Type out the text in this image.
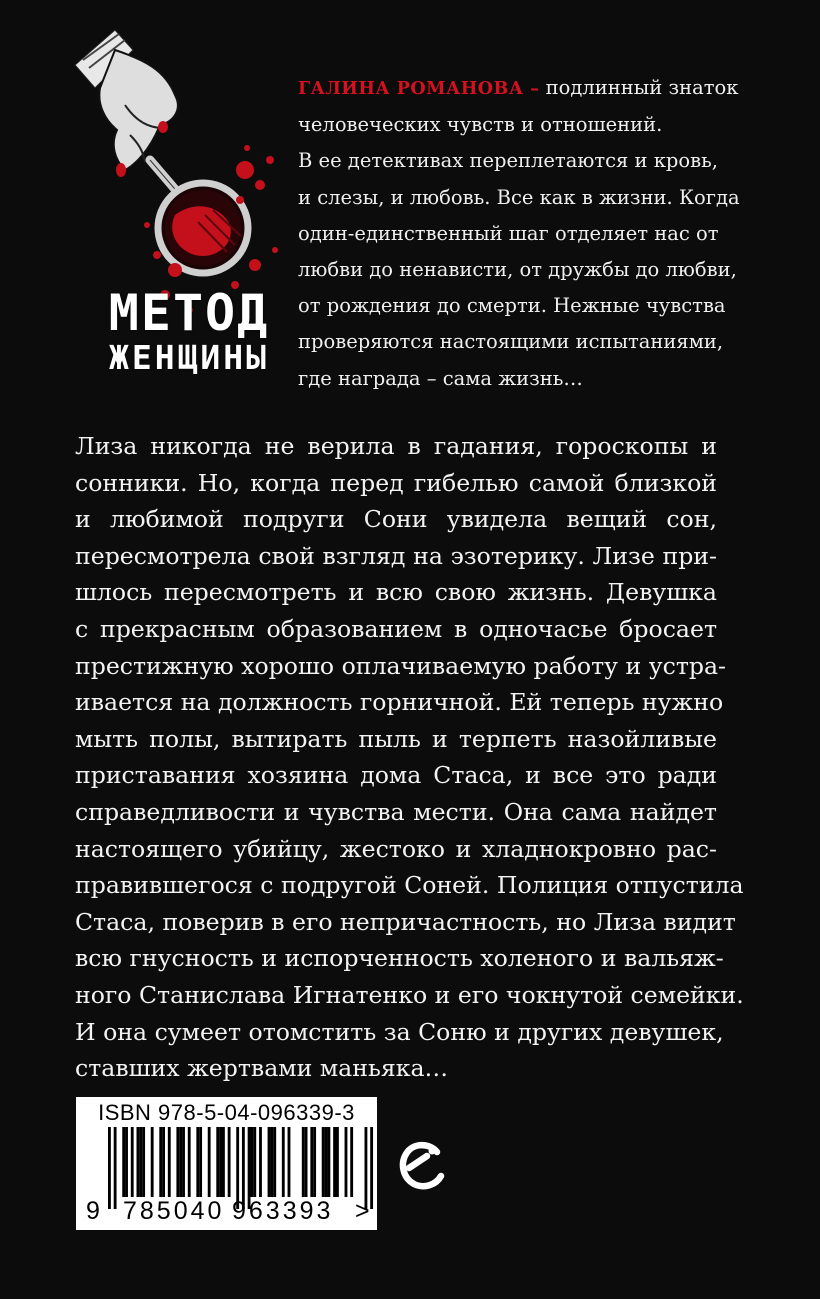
МЕТОД
ЖЕНЩИНЫ

ГАЛИНА РОМАНОВА – подлинный знаток

человеческих чувств и отношений.

В ее детективах переплетаются и кровь,

и слезы, и любовь. Все как в жизни. Когда

один-единственный шаг отделяет нас от

любви до ненависти, от дружбы до любви,

от рождения до смерти. Нежные чувства

проверяются настоящими испытаниями,

где награда – сама жизнь…

Лиза никогда не верила в гадания, гороскопы и

сонники. Но, когда перед гибелью самой близкой

и любимой подруги Сони увидела вещий сон,

пересмотрела свой взгляд на эзотерику. Лизе при-

шлось пересмотреть и всю свою жизнь. Девушка

с прекрасным образованием в одночасье бросает

престижную хорошо оплачиваемую работу и устра-

ивается на должность горничной. Ей теперь нужно

мыть полы, вытирать пыль и терпеть назойливые

приставания хозяина дома Стаса, и все это ради

справедливости и чувства мести. Она сама найдет

настоящего убийцу, жестоко и хладнокровно рас-

правившегося с подругой Соней. Полиция отпустила

Стаса, поверив в его непричастность, но Лиза видит

всю гнусность и испорченность холеного и вальяж-

ного Станислава Игнатенко и его чокнутой семейки.

И она сумеет отомстить за Соню и других девушек,

ставших жертвами маньяка…

ISBN 978-5-04-096339-3
9 785040 963393 >
